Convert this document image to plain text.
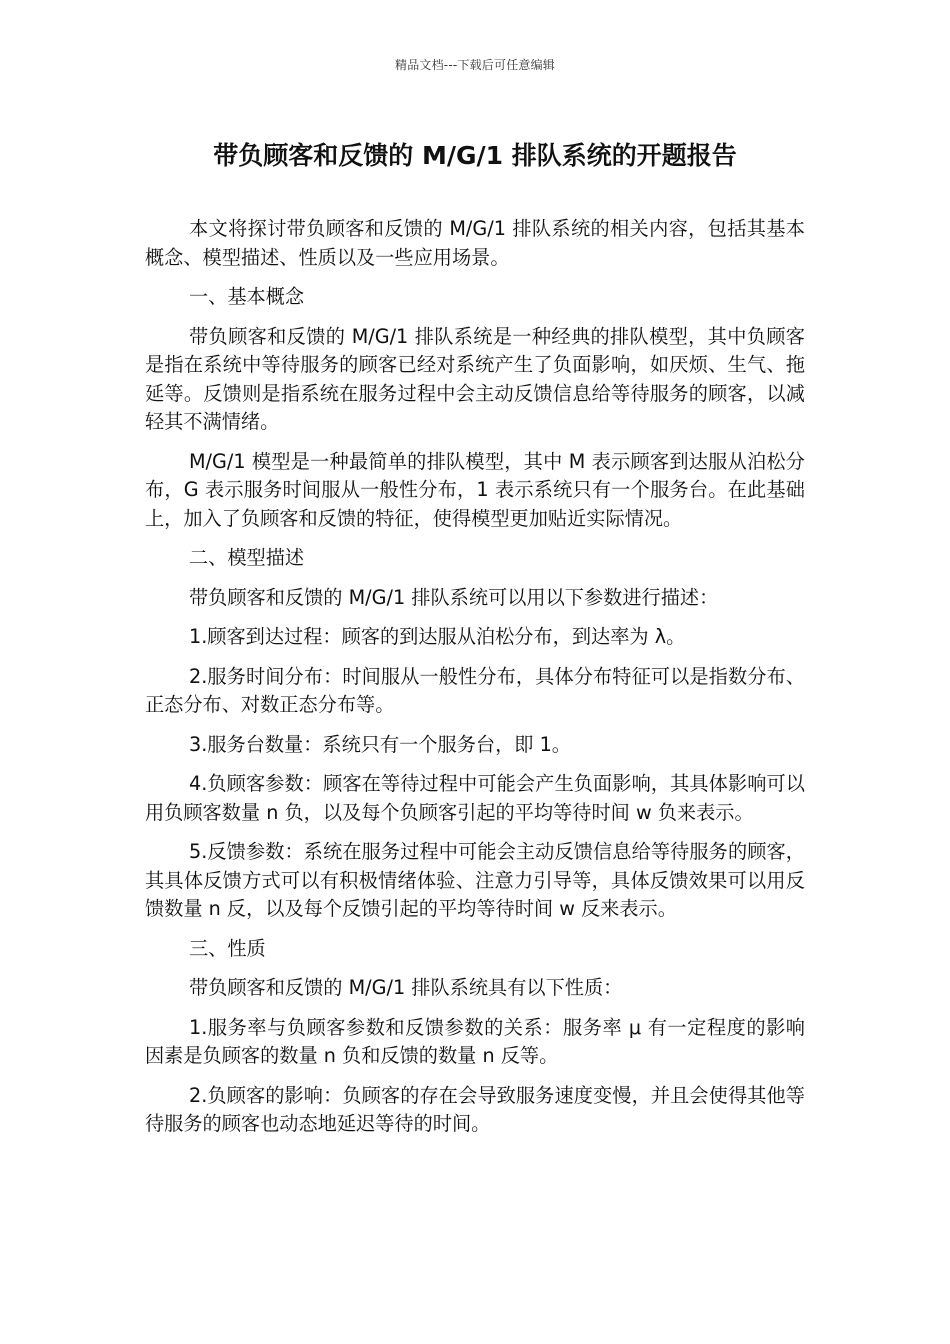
精品文档---下载后可任意编辑
带负顾客和反馈的 M/G/1 排队系统的开题报告

本文将探讨带负顾客和反馈的 M/G/1 排队系统的相关内容，包括其基本概念、模型描述、性质以及一些应用场景。

一、基本概念

带负顾客和反馈的 M/G/1 排队系统是一种经典的排队模型，其中负顾客是指在系统中等待服务的顾客已经对系统产生了负面影响，如厌烦、生气、拖延等。反馈则是指系统在服务过程中会主动反馈信息给等待服务的顾客，以减轻其不满情绪。

M/G/1 模型是一种最简单的排队模型，其中 M 表示顾客到达服从泊松分布，G 表示服务时间服从一般性分布，1 表示系统只有一个服务台。在此基础上，加入了负顾客和反馈的特征，使得模型更加贴近实际情况。

二、模型描述

带负顾客和反馈的 M/G/1 排队系统可以用以下参数进行描述：

1.顾客到达过程：顾客的到达服从泊松分布，到达率为 λ。

2.服务时间分布：时间服从一般性分布，具体分布特征可以是指数分布、正态分布、对数正态分布等。

3.服务台数量：系统只有一个服务台，即 1。

4.负顾客参数：顾客在等待过程中可能会产生负面影响，其具体影响可以用负顾客数量 n 负，以及每个负顾客引起的平均等待时间 w 负来表示。

5.反馈参数：系统在服务过程中可能会主动反馈信息给等待服务的顾客，其具体反馈方式可以有积极情绪体验、注意力引导等，具体反馈效果可以用反馈数量 n 反，以及每个反馈引起的平均等待时间 w 反来表示。

三、性质

带负顾客和反馈的 M/G/1 排队系统具有以下性质：

1.服务率与负顾客参数和反馈参数的关系：服务率 μ 有一定程度的影响因素是负顾客的数量 n 负和反馈的数量 n 反等。

2.负顾客的影响：负顾客的存在会导致服务速度变慢，并且会使得其他等待服务的顾客也动态地延迟等待的时间。
